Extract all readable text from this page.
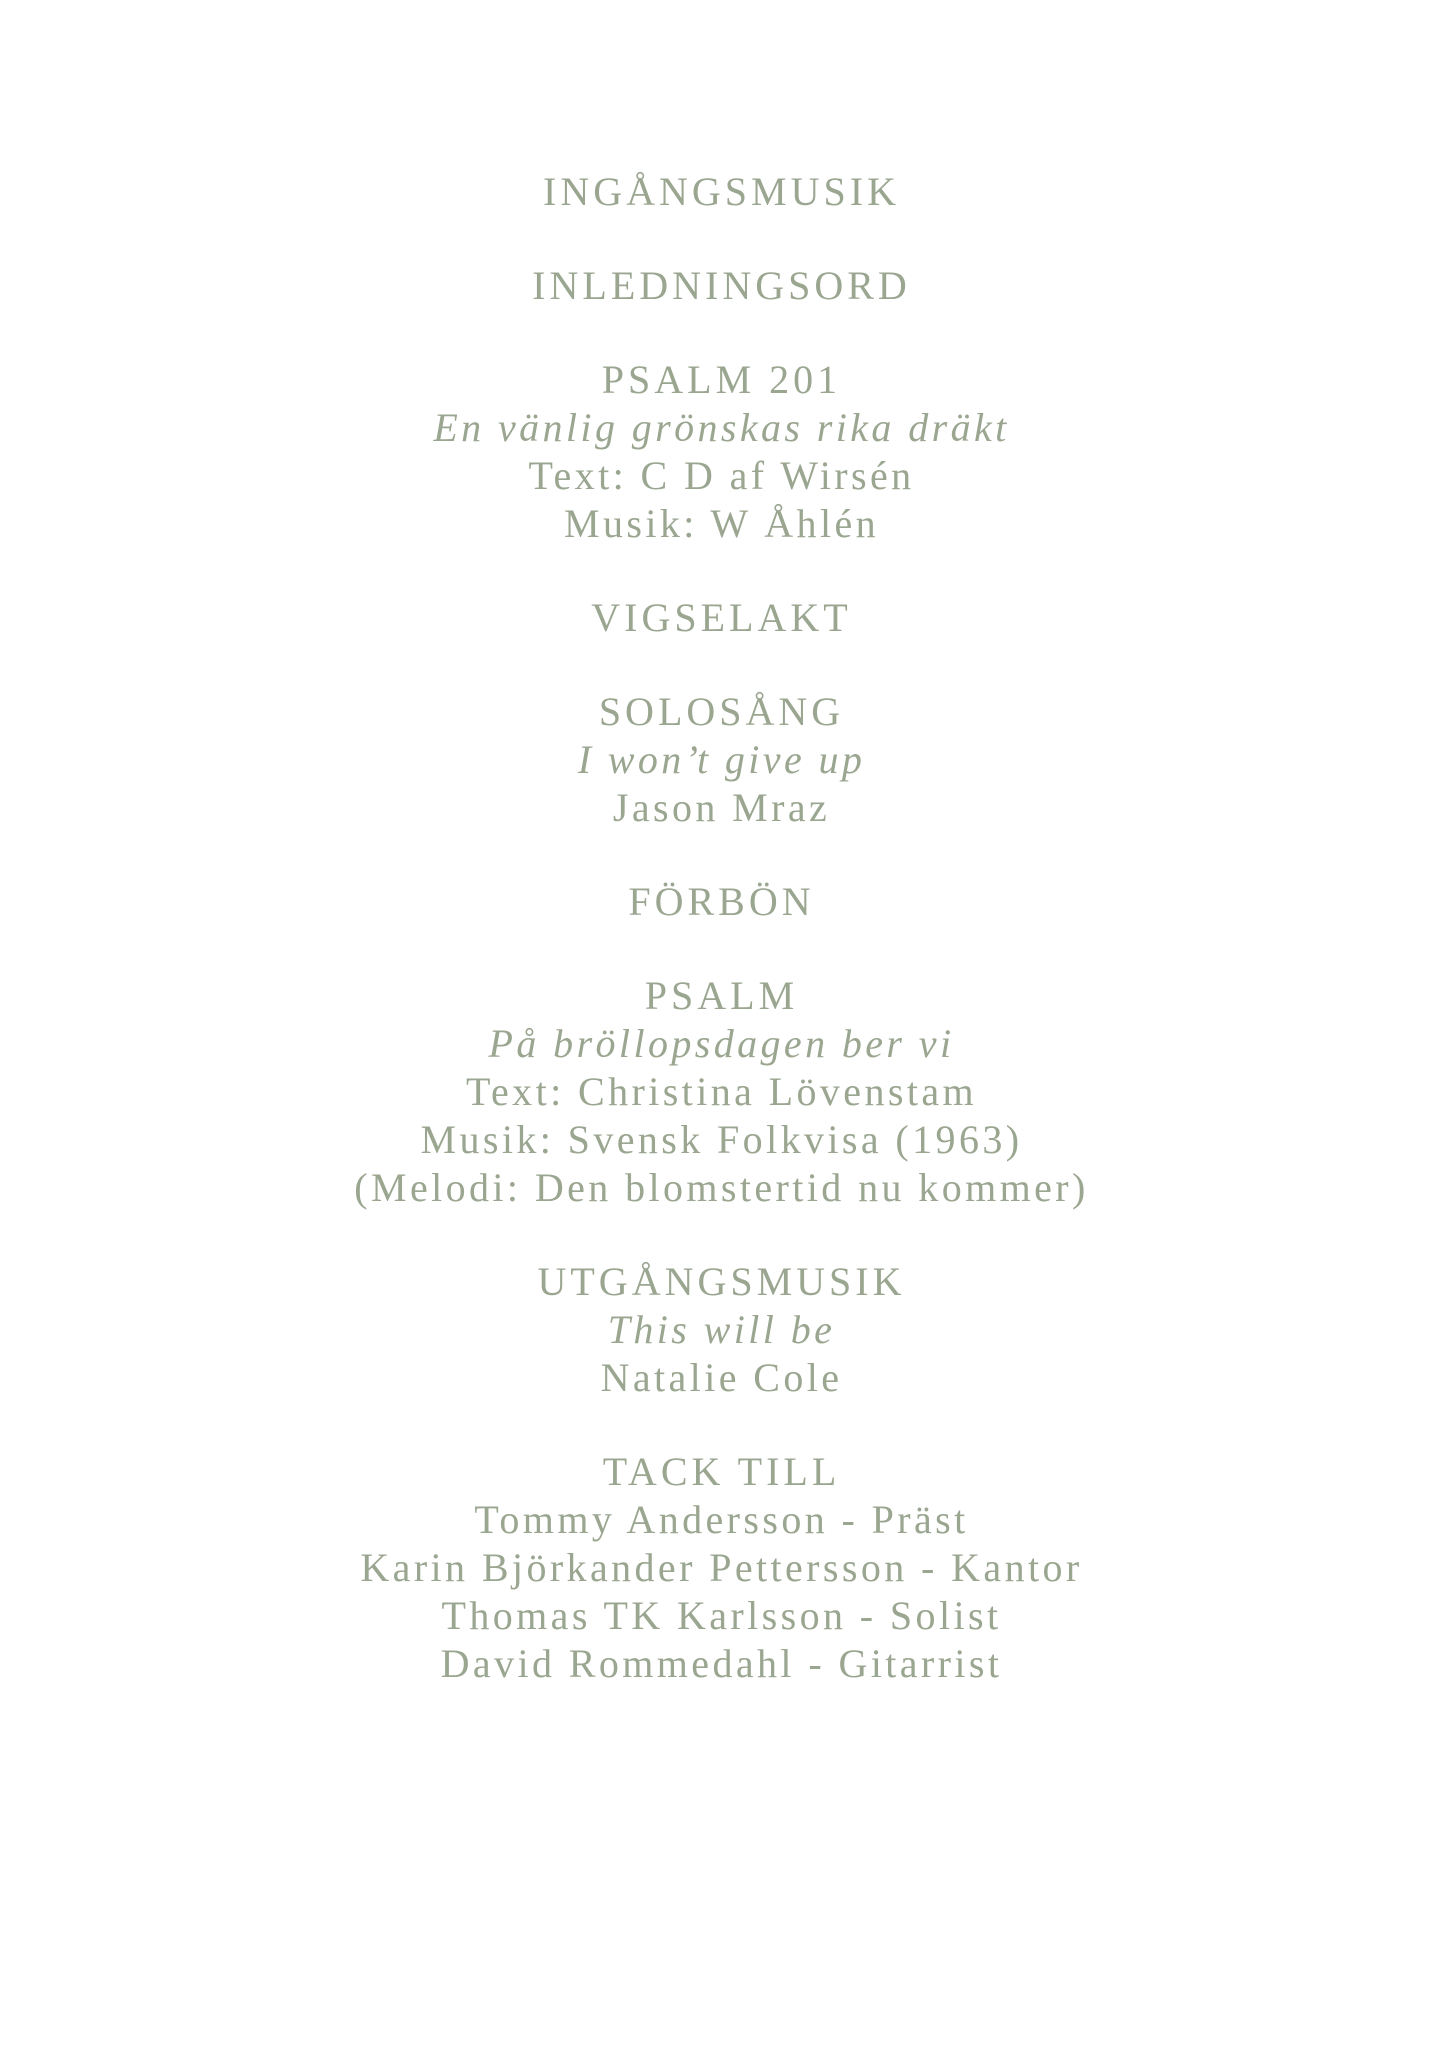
INGÅNGSMUSIK
INLEDNINGSORD
PSALM 201
En vänlig grönskas rika dräkt
Text: C D af Wirsén
Musik: W Åhlén
VIGSELAKT
SOLOSÅNG
I won’t give up
Jason Mraz
FÖRBÖN
PSALM
På bröllopsdagen ber vi
Text: Christina Lövenstam
Musik: Svensk Folkvisa (1963)
(Melodi: Den blomstertid nu kommer)
UTGÅNGSMUSIK
This will be
Natalie Cole
TACK TILL
Tommy Andersson - Präst
Karin Björkander Pettersson - Kantor
Thomas TK Karlsson - Solist
David Rommedahl - Gitarrist
